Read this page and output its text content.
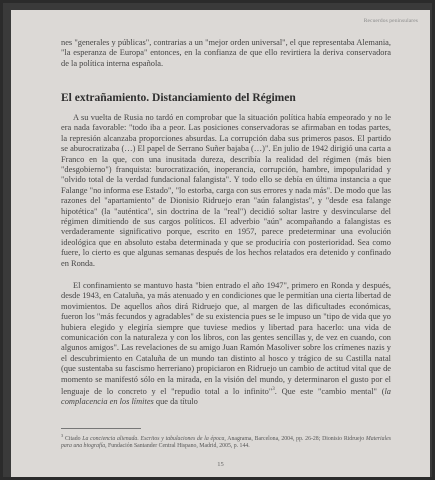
Recuerdos peninsulares
nes "generales y públicas", contrarias a un "mejor orden universal", el que representaba Alemania, "la esperanza de Europa" entonces, en la confianza de que ello revirtiera la deriva conservadora de la política interna española.
El extrañamiento. Distanciamiento del Régimen
A su vuelta de Rusia no tardó en comprobar que la situación política había empeorado y no le era nada favorable: "todo iba a peor. Las posiciones conservadoras se afirmaban en todas partes, la represión alcanzaba proporciones absurdas. La corrupción daba sus primeros pasos. El partido se aburocratizaba (…) El papel de Serrano Suñer bajaba (…)". En julio de 1942 dirigió una carta a Franco en la que, con una inusitada dureza, describía la realidad del régimen (más bien "desgobierno") franquista: burocratización, inoperancia, corrupción, hambre, impopularidad y "olvido total de la verdad fundacional falangista". Y todo ello se debía en última instancia a que Falange "no informa ese Estado", "lo estorba, carga con sus errores y nada más". De modo que las razones del "apartamiento" de Dionisio Ridruejo eran "aún falangistas", y "desde esa falange hipotética" (la "auténtica", sin doctrina de la "real") decidió soltar lastre y desvincularse del régimen dimitiendo de sus cargos políticos. El adverbio "aún" acompañando a falangistas es verdaderamente significativo porque, escrito en 1957, parece predeterminar una evolución ideológica que en absoluto estaba determinada y que se produciría con posterioridad. Sea como fuere, lo cierto es que algunas semanas después de los hechos relatados era detenido y confinado en Ronda.
El confinamiento se mantuvo hasta "bien entrado el año 1947", primero en Ronda y después, desde 1943, en Cataluña, ya más atenuado y en condiciones que le permitían una cierta libertad de movimientos. De aquellos años dirá Ridruejo que, al margen de las dificultades económicas, fueron los "más fecundos y agradables" de su existencia pues se le impuso un "tipo de vida que yo hubiera elegido y elegiría siempre que tuviese medios y libertad para hacerlo: una vida de comunicación con la naturaleza y con los libros, con las gentes sencillas y, de vez en cuando, con algunos amigos". Las revelaciones de su amigo Juan Ramón Masoliver sobre los crímenes nazis y el descubrimiento en Cataluña de un mundo tan distinto al hosco y trágico de su Castilla natal (que sustentaba su fascismo herreriano) propiciaron en Ridruejo un cambio de actitud vital que de momento se manifestó sólo en la mirada, en la visión del mundo, y determinaron el gusto por el lenguaje de lo concreto y el "repudio total a lo infinito"$^3$. Que este "cambio mental" (la complacencia en los límites que da título
$^3$ Citado La conciencia alienada. Escritos y tabulaciones de la época, Anagrama, Barcelona, 2004, pp. 26-28; Dionisio Ridruejo Materiales para una biografía, Fundación Santander Central Hispano, Madrid, 2005, p. 144.
15
